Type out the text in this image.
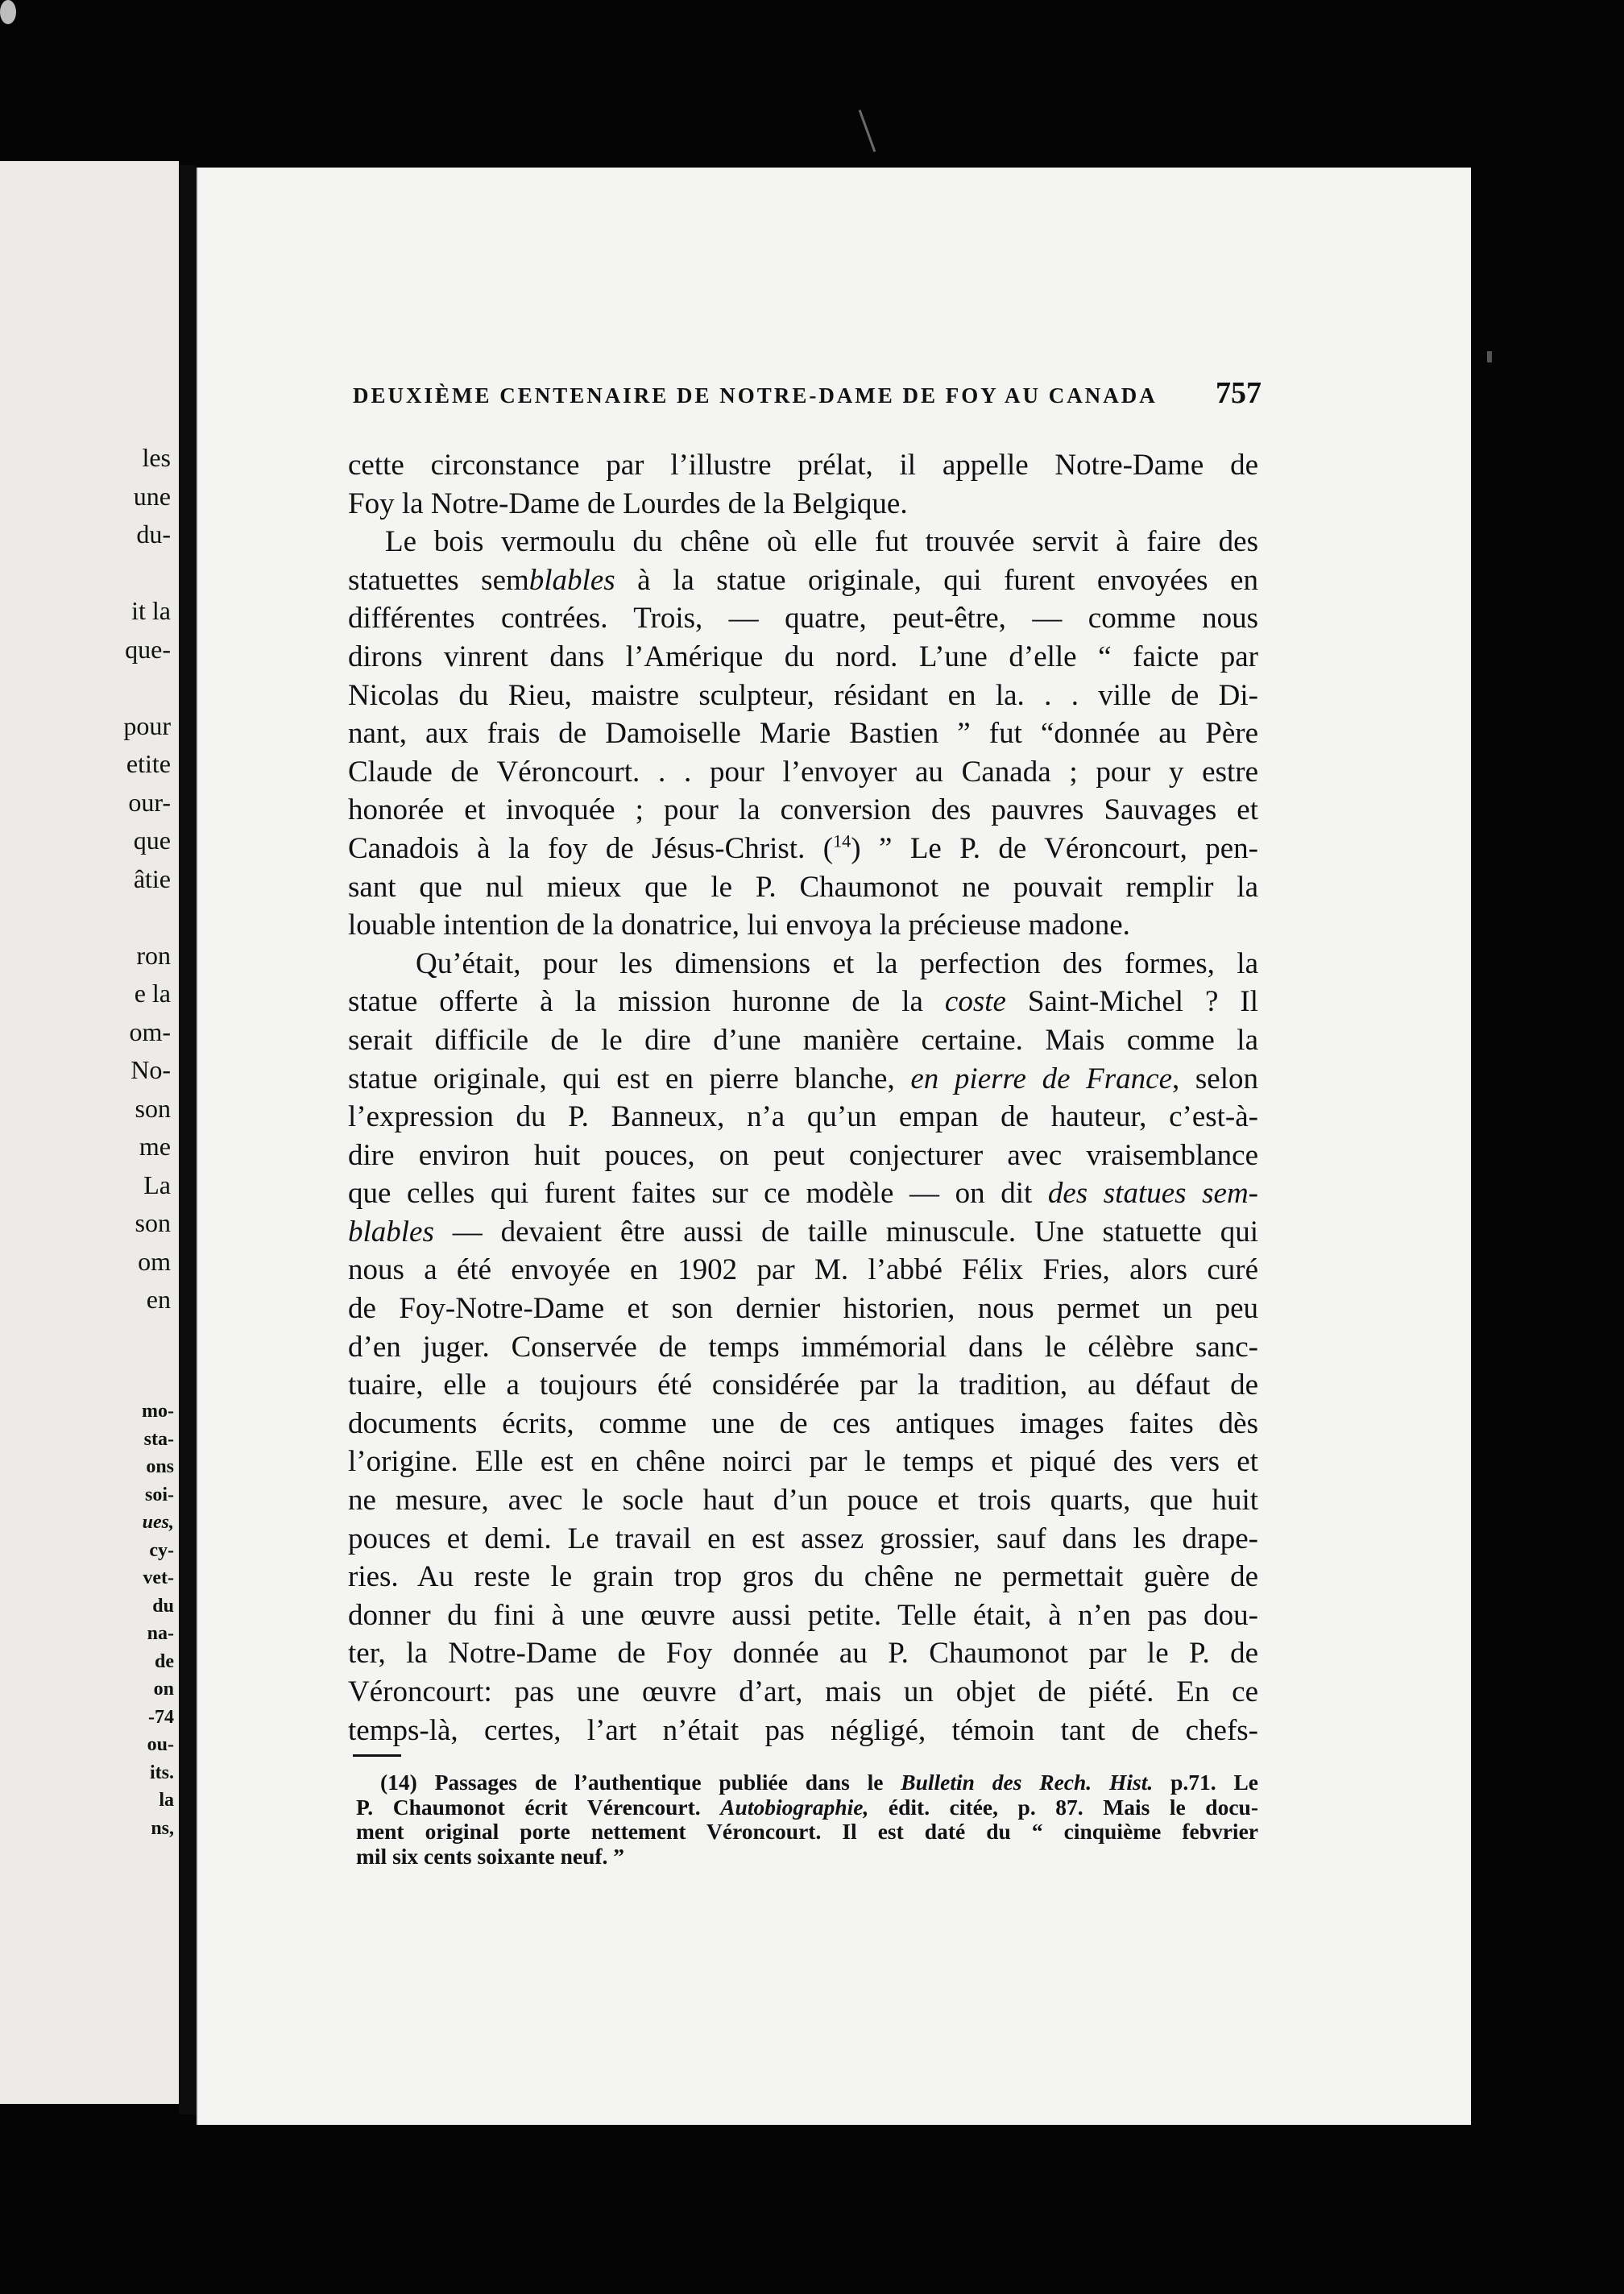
les
une
du-

it la
que-

pour
etite
our-
que
âtie

ron
e la
om-
No-
son
me
La
son
om
en
mo-
sta-
ons
soi-
ues,
cy-
vet-
du
na-
de
on
-74
ou-
its.
la
ns,
DEUXIÈME CENTENAIRE DE NOTRE-DAME DE FOY AU CANADA 757
cette circonstance par l’illustre prélat, il appelle Notre-Dame de
Foy la Notre-Dame de Lourdes de la Belgique.
Le bois vermoulu du chêne où elle fut trouvée servit à faire des
statuettes semblables à la statue originale, qui furent envoyées en
différentes contrées. Trois, — quatre, peut-être, — comme nous
dirons vinrent dans l’Amérique du nord. L’une d’elle “ faicte par
Nicolas du Rieu, maistre sculpteur, résidant en la. . . ville de Di-
nant, aux frais de Damoiselle Marie Bastien ” fut “donnée au Père
Claude de Véroncourt. . . pour l’envoyer au Canada ; pour y estre
honorée et invoquée ; pour la conversion des pauvres Sauvages et
Canadois à la foy de Jésus-Christ. ($^{14}$) ” Le P. de Véroncourt, pen-
sant que nul mieux que le P. Chaumonot ne pouvait remplir la
louable intention de la donatrice, lui envoya la précieuse madone.
Qu’était, pour les dimensions et la perfection des formes, la
statue offerte à la mission huronne de la coste Saint-Michel ? Il
serait difficile de le dire d’une manière certaine. Mais comme la
statue originale, qui est en pierre blanche, en pierre de France, selon
l’expression du P. Banneux, n’a qu’un empan de hauteur, c’est-à-
dire environ huit pouces, on peut conjecturer avec vraisemblance
que celles qui furent faites sur ce modèle — on dit des statues sem-
blables — devaient être aussi de taille minuscule. Une statuette qui
nous a été envoyée en 1902 par M. l’abbé Félix Fries, alors curé
de Foy-Notre-Dame et son dernier historien, nous permet un peu
d’en juger. Conservée de temps immémorial dans le célèbre sanc-
tuaire, elle a toujours été considérée par la tradition, au défaut de
documents écrits, comme une de ces antiques images faites dès
l’origine. Elle est en chêne noirci par le temps et piqué des vers et
ne mesure, avec le socle haut d’un pouce et trois quarts, que huit
pouces et demi. Le travail en est assez grossier, sauf dans les drape-
ries. Au reste le grain trop gros du chêne ne permettait guère de
donner du fini à une œuvre aussi petite. Telle était, à n’en pas dou-
ter, la Notre-Dame de Foy donnée au P. Chaumonot par le P. de
Véroncourt: pas une œuvre d’art, mais un objet de piété. En ce
temps-là, certes, l’art n’était pas négligé, témoin tant de chefs-
(14) Passages de l’authentique publiée dans le Bulletin des Rech. Hist. p.71. Le
P. Chaumonot écrit Vérencourt. Autobiographie, édit. citée, p. 87. Mais le docu-
ment original porte nettement Véroncourt. Il est daté du “ cinquième febvrier
mil six cents soixante neuf. ”
